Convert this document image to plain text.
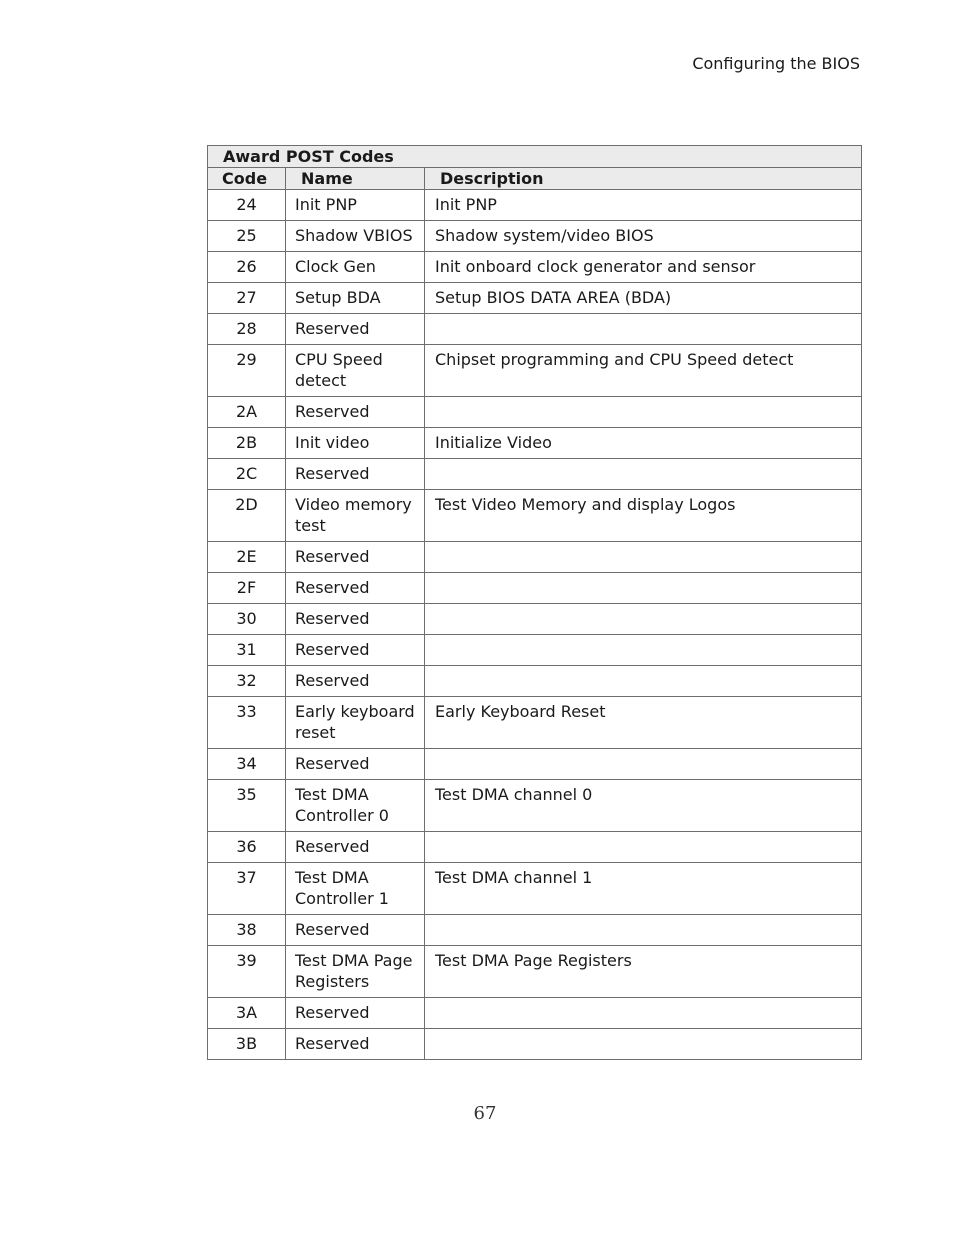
Configuring the BIOS
Award POST Codes		
Code	Name	Description
24	Init PNP	Init PNP
25	Shadow VBIOS	Shadow system/video BIOS
26	Clock Gen	Init onboard clock generator and sensor
27	Setup BDA	Setup BIOS DATA AREA (BDA)
28	Reserved	
29	CPU Speed detect	Chipset programming and CPU Speed detect
2A	Reserved	
2B	Init video	Initialize Video
2C	Reserved	
2D	Video memory test	Test Video Memory and display Logos
2E	Reserved	
2F	Reserved	
30	Reserved	
31	Reserved	
32	Reserved	
33	Early keyboard reset	Early Keyboard Reset
34	Reserved	
35	Test DMA Controller 0	Test DMA channel 0
36	Reserved	
37	Test DMA Controller 1	Test DMA channel 1
38	Reserved	
39	Test DMA Page Registers	Test DMA Page Registers
3A	Reserved	
3B	Reserved	
67
